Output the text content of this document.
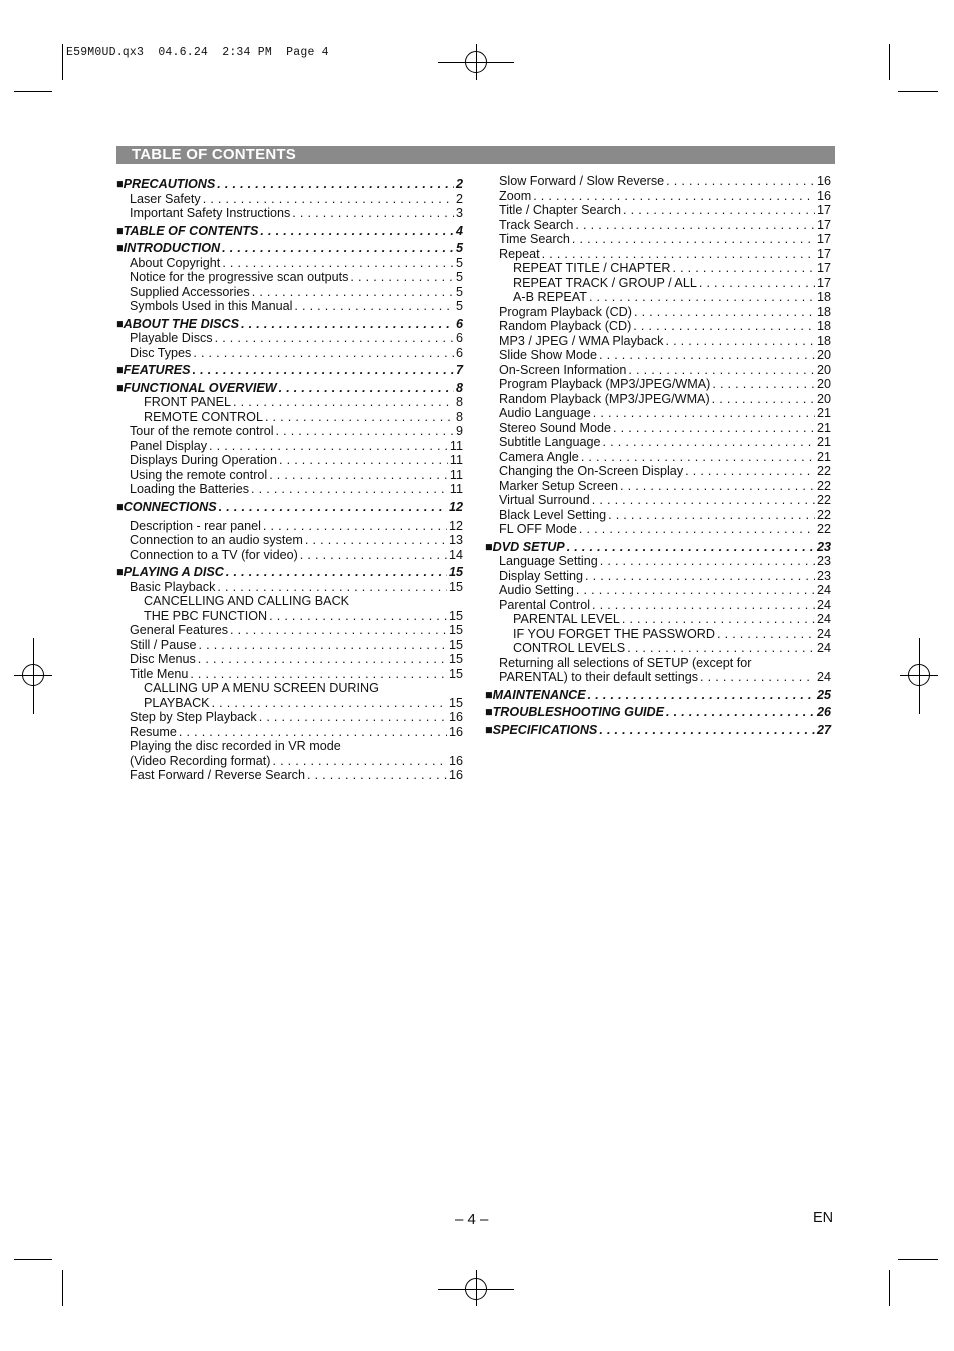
E59M0UD.qx3  04.6.24  2:34 PM  Page 4
TABLE OF CONTENTS
■ PRECAUTIONS . . .	2
Laser Safety . . .	2
Important Safety Instructions . . .	3
■ TABLE OF CONTENTS . . .	4
■ INTRODUCTION . . .	5
About Copyright . . .	5
Notice for the progressive scan outputs . . .	5
Supplied Accessories . . .	5
Symbols Used in this Manual . . .	5
■ ABOUT THE DISCS . . .	6
Playable Discs . . .	6
Disc Types . . .	6
■ FEATURES . . .	7
■ FUNCTIONAL OVERVIEW . . .	8
FRONT PANEL . . .	8
REMOTE CONTROL . . .	8
Tour of the remote control . . .	9
Panel Display . . .	11
Displays During Operation . . .	11
Using the remote control . . .	11
Loading the Batteries . . .	11
■ CONNECTIONS . . .	12
Description - rear panel . . .	12
Connection to an audio system . . .	13
Connection to a TV (for video) . . .	14
■ PLAYING A DISC . . .	15
Basic Playback . . .	15
CANCELLING AND CALLING BACK
THE PBC FUNCTION . . .	15
General Features . . .	15
Still / Pause . . .	15
Disc Menus . . .	15
Title Menu . . .	15
CALLING UP A MENU SCREEN DURING
PLAYBACK . . .	15
Step by Step Playback . . .	16
Resume . . .	16
Playing the disc recorded in VR mode
(Video Recording format) . . .	16
Fast Forward / Reverse Search . . .	16
Slow Forward / Slow Reverse . . .	16
Zoom . . .	16
Title / Chapter Search . . .	17
Track Search . . .	17
Time Search . . .	17
Repeat . . .	17
REPEAT TITLE / CHAPTER . . .	17
REPEAT TRACK / GROUP / ALL . . .	17
A-B REPEAT . . .	18
Program Playback (CD) . . .	18
Random Playback (CD) . . .	18
MP3 / JPEG / WMA Playback . . .	18
Slide Show Mode . . .	20
On-Screen Information . . .	20
Program Playback (MP3/JPEG/WMA) . . .	20
Random Playback (MP3/JPEG/WMA) . . .	20
Audio Language . . .	21
Stereo Sound Mode . . .	21
Subtitle Language . . .	21
Camera Angle . . .	21
Changing the On-Screen Display . . .	22
Marker Setup Screen . . .	22
Virtual Surround . . .	22
Black Level Setting . . .	22
FL OFF Mode . . .	22
■ DVD SETUP . . .	23
Language Setting . . .	23
Display Setting . . .	23
Audio Setting . . .	24
Parental Control . . .	24
PARENTAL LEVEL . . .	24
IF YOU FORGET THE PASSWORD . . .	24
CONTROL LEVELS . . .	24
Returning all selections of SETUP (except for
PARENTAL) to their default settings . . .	24
■ MAINTENANCE . . .	25
■ TROUBLESHOOTING GUIDE . . .	26
■ SPECIFICATIONS . . .	27
– 4 –	EN
